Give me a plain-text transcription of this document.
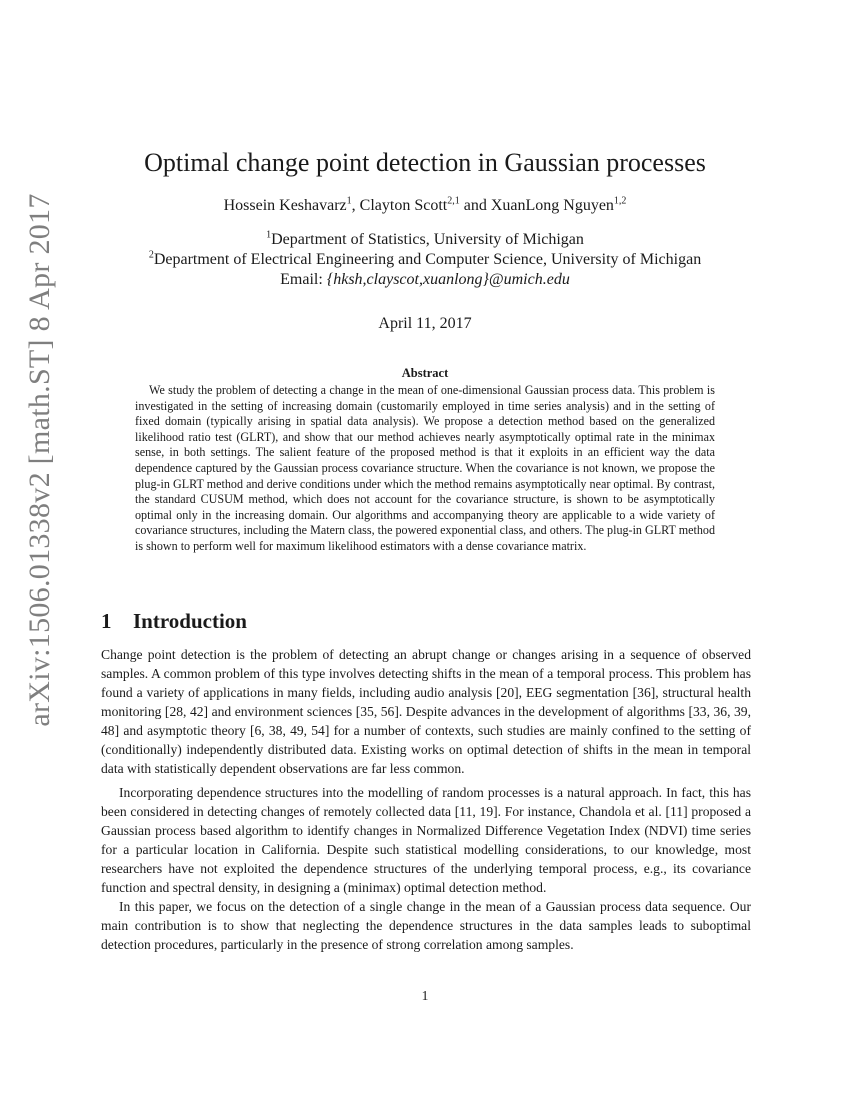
arXiv:1506.01338v2 [math.ST] 8 Apr 2017
Optimal change point detection in Gaussian processes
Hossein Keshavarz$^1$, Clayton Scott$^{2,1}$ and XuanLong Nguyen$^{1,2}$
$^1$Department of Statistics, University of Michigan
$^2$Department of Electrical Engineering and Computer Science, University of Michigan
Email: {hksh,clayscot,xuanlong}@umich.edu
April 11, 2017
Abstract

We study the problem of detecting a change in the mean of one-dimensional Gaussian process data. This problem is investigated in the setting of increasing domain (customarily employed in time series analysis) and in the setting of fixed domain (typically arising in spatial data analysis). We propose a detection method based on the generalized likelihood ratio test (GLRT), and show that our method achieves nearly asymptotically optimal rate in the minimax sense, in both settings. The salient feature of the proposed method is that it exploits in an efficient way the data dependence captured by the Gaussian process covariance structure. When the covariance is not known, we propose the plug-in GLRT method and derive conditions under which the method remains asymptotically near optimal. By contrast, the standard CUSUM method, which does not account for the covariance structure, is shown to be asymptotically optimal only in the increasing domain. Our algorithms and accompanying theory are applicable to a wide variety of covariance structures, including the Matern class, the powered exponential class, and others. The plug-in GLRT method is shown to perform well for maximum likelihood estimators with a dense covariance matrix.

1 Introduction

Change point detection is the problem of detecting an abrupt change or changes arising in a sequence of observed samples. A common problem of this type involves detecting shifts in the mean of a temporal process. This problem has found a variety of applications in many fields, including audio analysis [20], EEG segmentation [36], structural health monitoring [28, 42] and environment sciences [35, 56]. Despite advances in the development of algorithms [33, 36, 39, 48] and asymptotic theory [6, 38, 49, 54] for a number of contexts, such studies are mainly confined to the setting of (conditionally) independently distributed data. Existing works on optimal detection of shifts in the mean in temporal data with statistically dependent observations are far less common.

Incorporating dependence structures into the modelling of random processes is a natural approach. In fact, this has been considered in detecting changes of remotely collected data [11, 19]. For instance, Chandola et al. [11] proposed a Gaussian process based algorithm to identify changes in Normalized Difference Vegetation Index (NDVI) time series for a particular location in California. Despite such statistical modelling considerations, to our knowledge, most researchers have not exploited the dependence structures of the underlying temporal process, e.g., its covariance function and spectral density, in designing a (minimax) optimal detection method.

In this paper, we focus on the detection of a single change in the mean of a Gaussian process data sequence. Our main contribution is to show that neglecting the dependence structures in the data samples leads to suboptimal detection procedures, particularly in the presence of strong correlation among samples.

1
